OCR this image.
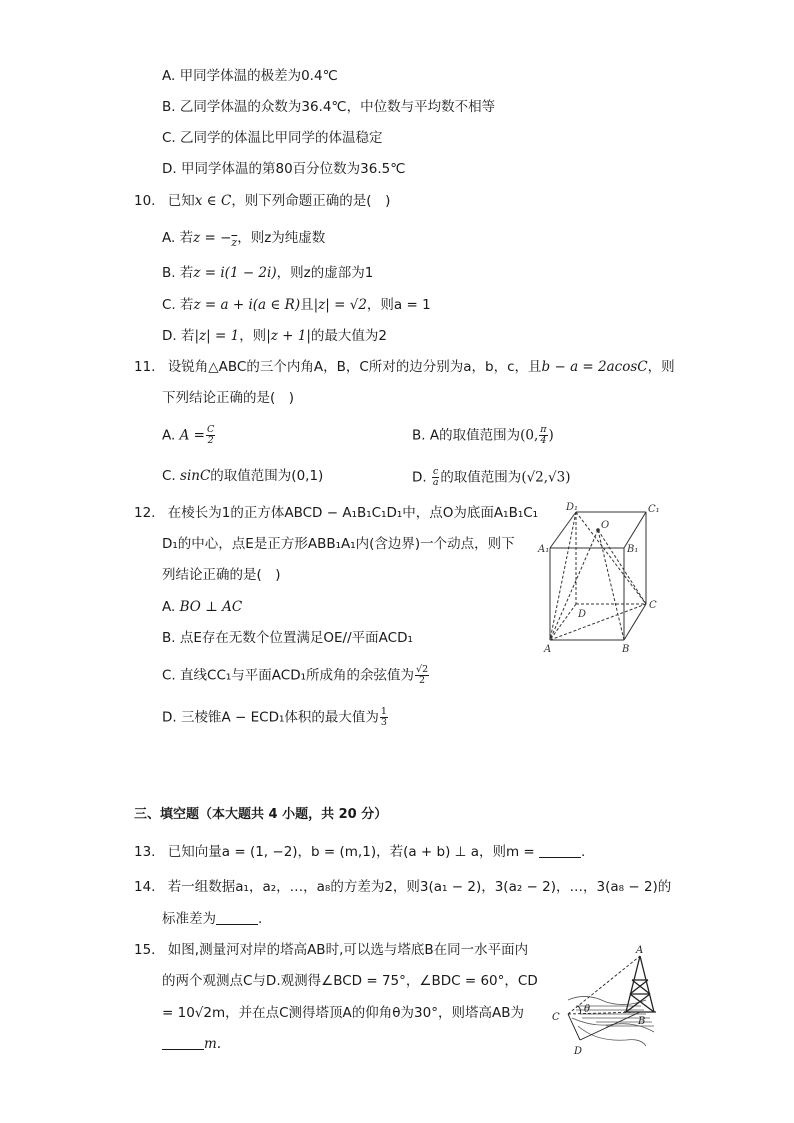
A. 甲同学体温的极差为0.4℃
B. 乙同学体温的众数为36.4℃，中位数与平均数不相等
C. 乙同学的体温比甲同学的体温稳定
D. 甲同学体温的第80百分位数为36.5℃
10. 已知x ∈ C，则下列命题正确的是(　)
A. 若$z = -\overline{z}$，则z为纯虚数
B. 若z = i(1 − 2i)，则z的虚部为1
C. 若z = a + i(a ∈ R)且|z| = √2，则a = 1
D. 若|z| = 1，则|z + 1|的最大值为2
11. 设锐角△ABC的三个内角A，B，C所对的边分别为a，b，c，且b − a = 2acosC，则
下列结论正确的是(　)
A. $A = \frac{C}{2}$	B. A的取值范围为(0, $\frac{\pi}{4}$ )
C. sinC的取值范围为(0,1)	D. $\frac{c}{a}$ 的取值范围为(√2,√3)
12. 在棱长为1的正方体ABCD − A₁B₁C₁D₁中，点O为底面A₁B₁C₁
D₁的中心，点E是正方形ABB₁A₁内(含边界)一个动点，则下
列结论正确的是(　)
A. BO ⊥ AC
B. 点E存在无数个位置满足OE//平面ACD₁
C. 直线CC₁与平面ACD₁所成角的余弦值为 $\frac{√2}{2}$
D. 三棱锥A − ECD₁体积的最大值为 $\frac{1}{3}$
D₁	C₁
A₁	B₁
O
D
C
A	B
三、填空题（本大题共 4 小题，共 20 分）
13. 已知向量a = (1, −2)，b = (m,1)，若(a + b) ⊥ a，则m =	.
14. 若一组数据a₁，a₂，…，a₈的方差为2，则3(a₁ − 2)，3(a₂ − 2)，…，3(a₈ − 2)的
标准差为	.
15. 如图,测量河对岸的塔高AB时,可以选与塔底B在同一水平面内
的两个观测点C与D.观测得∠BCD = 75°，∠BDC = 60°，CD
= 10√2m，并在点C测得塔顶A的仰角θ为30°，则塔高AB为
m.
A
C
θ
B
D
